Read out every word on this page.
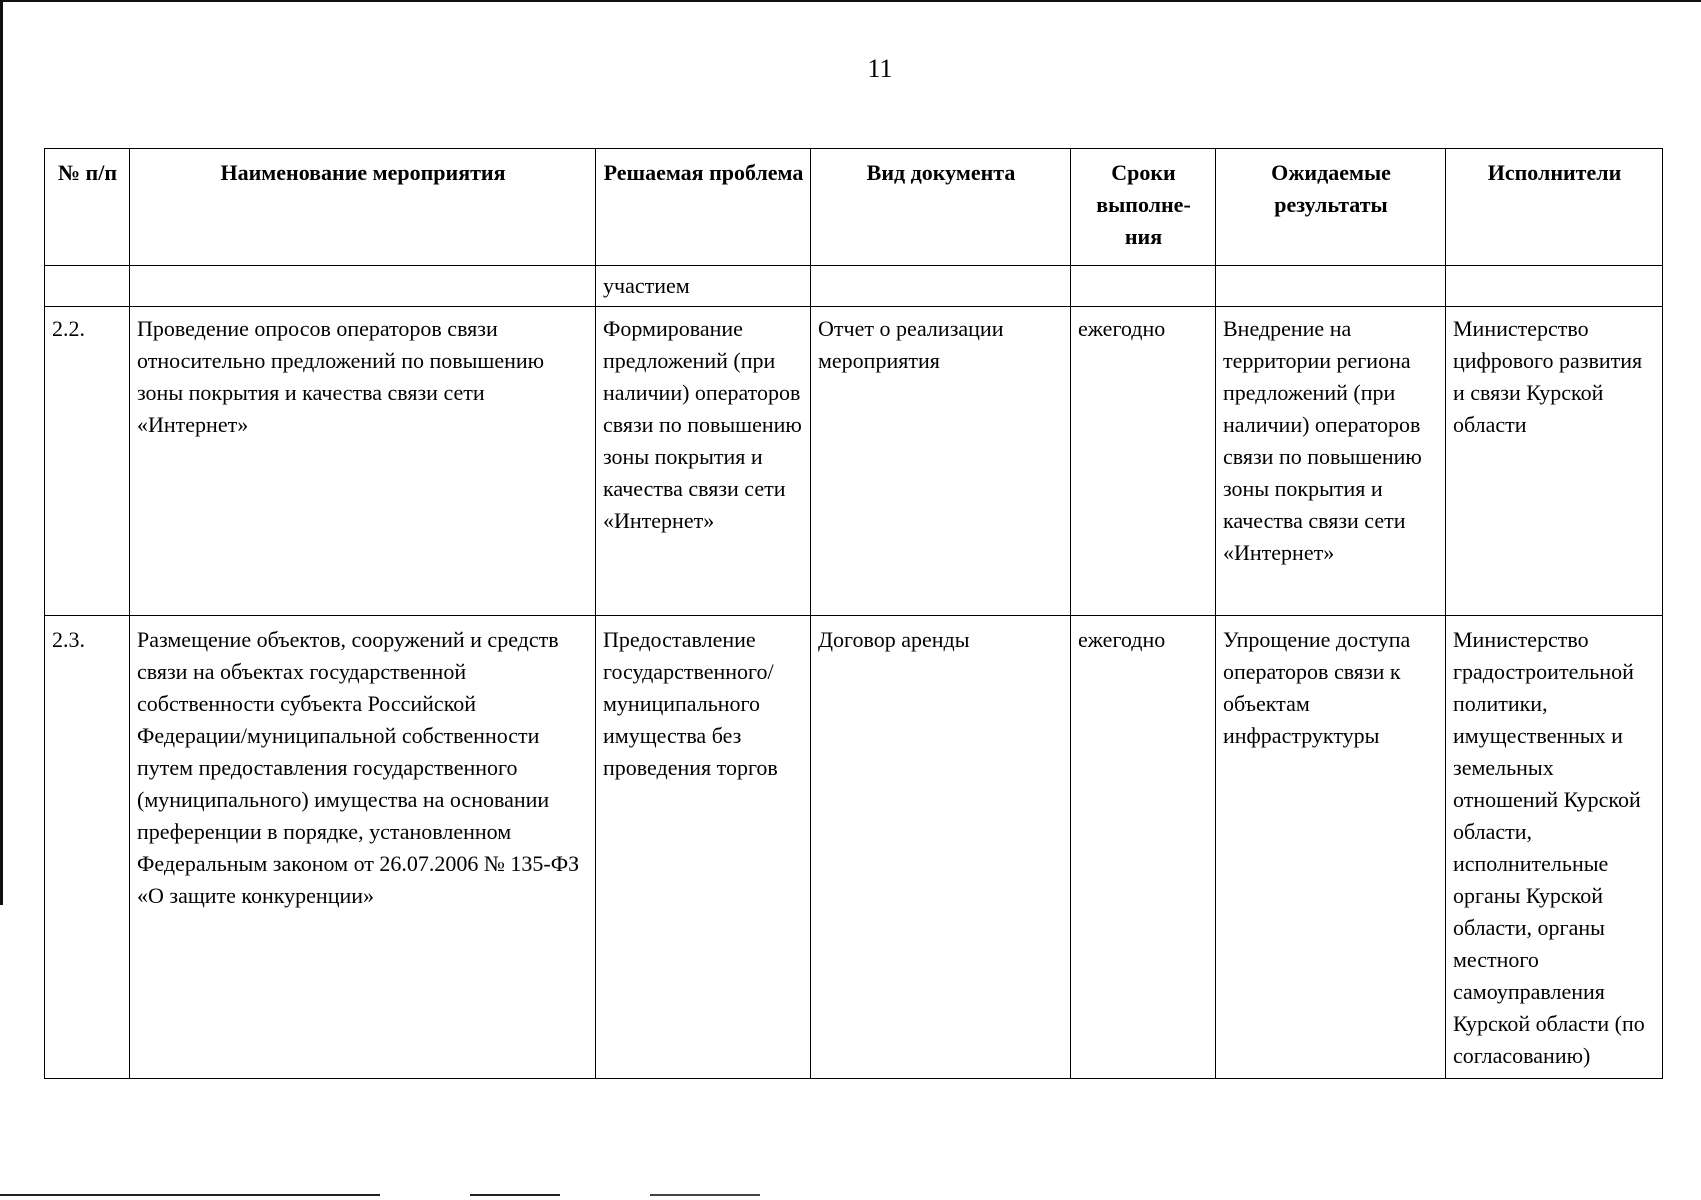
11
№ п/п	Наименование мероприятия	Решаемая проблема	Вид документа	Сроки выполне-ния	Ожидаемые результаты	Исполнители
		участием				
2.2.	Проведение опросов операторов связи относительно предложений по повышению зоны покрытия и качества связи сети «Интернет»	Формирование предложений (при наличии) операторов связи по повышению зоны покрытия и качества связи сети «Интернет»	Отчет о реализации мероприятия	ежегодно	Внедрение на территории региона предложений (при наличии) операторов связи по повышению зоны покрытия и качества связи сети «Интернет»	Министерство цифрового развития и связи Курской области
2.3.	Размещение объектов, сооружений и средств связи на объектах государственной собственности субъекта Российской Федерации/муниципальной собственности путем предоставления государственного (муниципального) имущества на основании преференции в порядке, установленном Федеральным законом от 26.07.2006 № 135-ФЗ «О защите конкуренции»	Предоставление государственного/ муниципального имущества без проведения торгов	Договор аренды	ежегодно	Упрощение доступа операторов связи к объектам инфраструктуры	Министерство градостроительной политики, имущественных и земельных отношений Курской области, исполнительные органы Курской области, органы местного самоуправления Курской области (по согласованию)
